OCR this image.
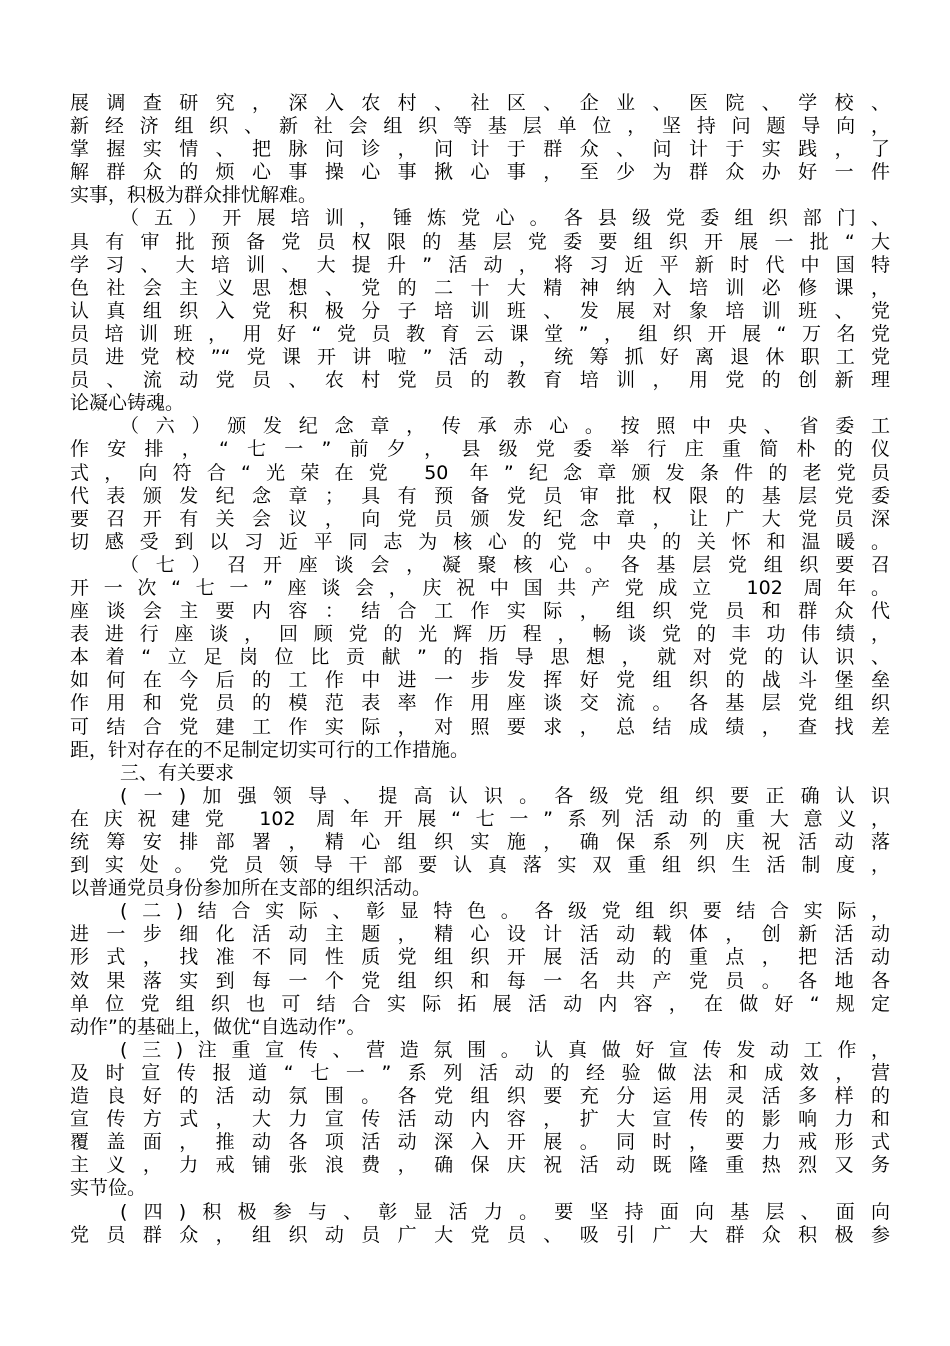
展调查研究，深入农村、社区、企业、医院、学校、
新经济组织、新社会组织等基层单位，坚持问题导向，
掌握实情、把脉问诊，问计于群众、问计于实践，了
解群众的烦心事操心事揪心事，至少为群众办好一件
实事，积极为群众排忧解难。
（五）开展培训，锤炼党心。各县级党委组织部门、
具有审批预备党员权限的基层党委要组织开展一批“大
学习、大培训、大提升”活动，将习近平新时代中国特
色社会主义思想、党的二十大精神纳入培训必修课，
认真组织入党积极分子培训班、发展对象培训班、党
员培训班，用好“党员教育云课堂”，组织开展“万名党
员进党校”“党课开讲啦”活动，统筹抓好离退休职工党
员、流动党员、农村党员的教育培训，用党的创新理
论凝心铸魂。
（六）颁发纪念章，传承赤心。按照中央、省委工
作安排，“七一”前夕，县级党委举行庄重简朴的仪
式，向符合“光荣在党 50 年”纪念章颁发条件的老党员
代表颁发纪念章；具有预备党员审批权限的基层党委
要召开有关会议，向党员颁发纪念章，让广大党员深
切感受到以习近平同志为核心的党中央的关怀和温暖。
（七）召开座谈会，凝聚核心。各基层党组织要召
开一次“七一”座谈会，庆祝中国共产党成立 102 周年。
座谈会主要内容：结合工作实际，组织党员和群众代
表进行座谈，回顾党的光辉历程，畅谈党的丰功伟绩，
本着“立足岗位比贡献”的指导思想，就对党的认识、
如何在今后的工作中进一步发挥好党组织的战斗堡垒
作用和党员的模范表率作用座谈交流。各基层党组织
可结合党建工作实际，对照要求，总结成绩，查找差
距，针对存在的不足制定切实可行的工作措施。
三、有关要求
(一)加强领导、提高认识。各级党组织要正确认识
在庆祝建党 102 周年开展“七一”系列活动的重大意义，
统筹安排部署，精心组织实施，确保系列庆祝活动落
到实处。党员领导干部要认真落实双重组织生活制度，
以普通党员身份参加所在支部的组织活动。
(二)结合实际、彰显特色。各级党组织要结合实际，
进一步细化活动主题，精心设计活动载体，创新活动
形式，找准不同性质党组织开展活动的重点，把活动
效果落实到每一个党组织和每一名共产党员。各地各
单位党组织也可结合实际拓展活动内容，在做好“规定
动作”的基础上，做优“自选动作”。
(三)注重宣传、营造氛围。认真做好宣传发动工作，
及时宣传报道“七一”系列活动的经验做法和成效，营
造良好的活动氛围。各党组织要充分运用灵活多样的
宣传方式，大力宣传活动内容，扩大宣传的影响力和
覆盖面，推动各项活动深入开展。同时，要力戒形式
主义，力戒铺张浪费，确保庆祝活动既隆重热烈又务
实节俭。
(四)积极参与、彰显活力。要坚持面向基层、面向
党员群众，组织动员广大党员、吸引广大群众积极参
